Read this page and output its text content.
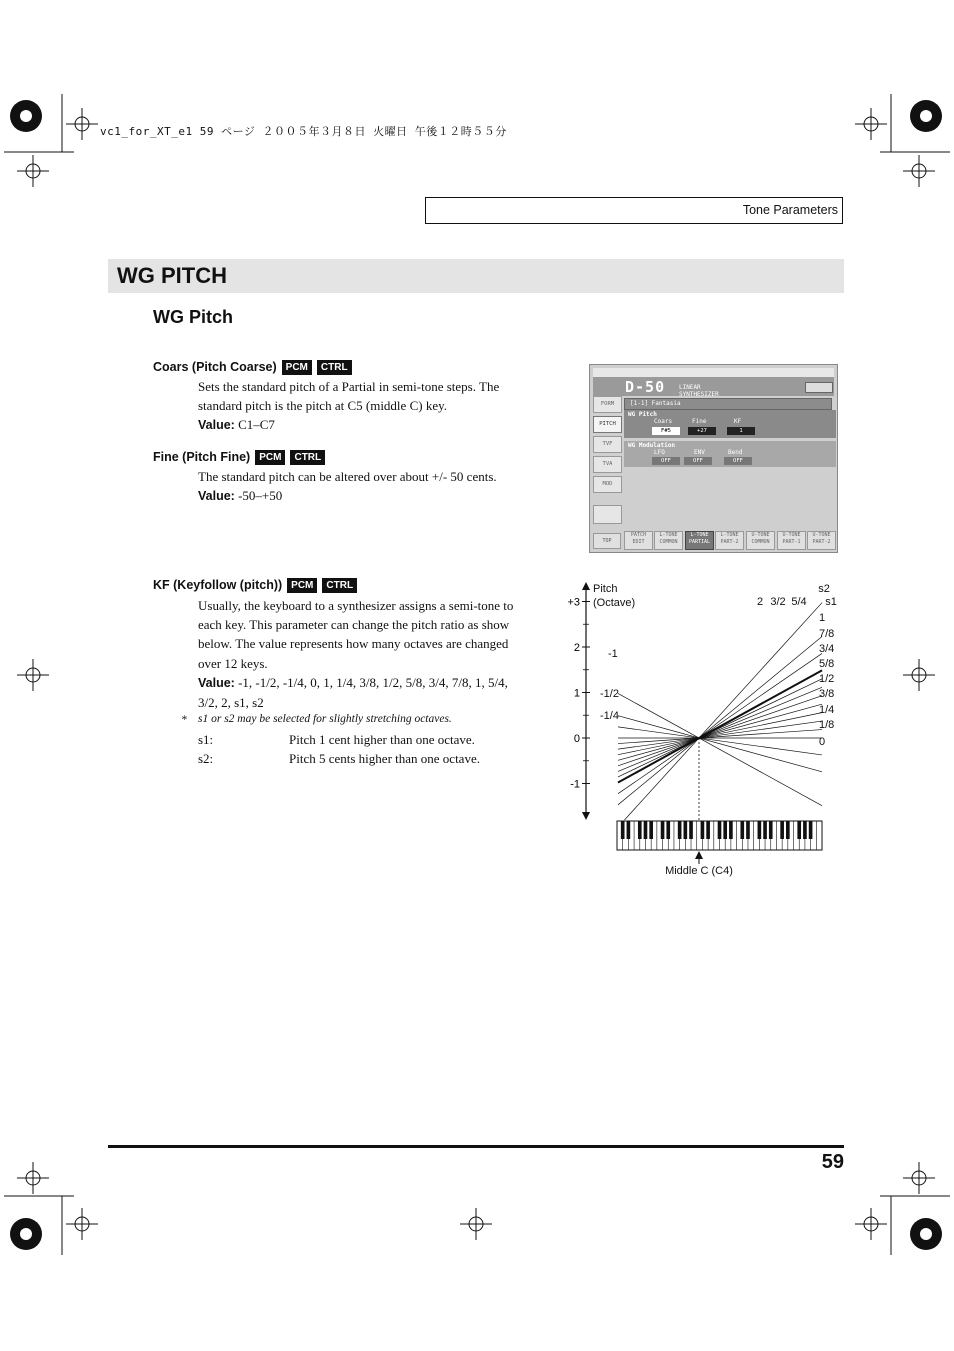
vc1_for_XT_e1 59 ページ ２００５年３月８日 火曜日 午後１２時５５分
Tone Parameters
WG PITCH
WG Pitch
Coars (Pitch Coarse) PCM CTRL
Sets the standard pitch of a Partial in semi-tone steps. The
standard pitch is the pitch at C5 (middle C) key.
Value: C1–C7
Fine (Pitch Fine) PCM CTRL
The standard pitch can be altered over about +/- 50 cents.
Value: -50–+50
KF (Keyfollow (pitch)) PCM CTRL
Usually, the keyboard to a synthesizer assigns a semi-tone to
each key. This parameter can change the pitch ratio as show
below. The value represents how many octaves are changed
over 12 keys.
Value: -1, -1/2, -1/4, 0, 1, 1/4, 3/8, 1/2, 5/8, 3/4, 7/8, 1, 5/4,
3/2, 2, s1, s2
* s1 or s2 may be selected for slightly stretching octaves.
s1:	Pitch 1 cent higher than one octave.
s2:	Pitch 5 cents higher than one octave.
D-50 LINEAR SYNTHESIZER
[1-1] Fantasia
FORM
PITCH
TVF
TVA
MOD
WG Pitch
Coars	Fine	KF
F#5	+27	1
WG Modulation
LFO	ENV	Bend
OFF	OFF	OFF
TOP
PATCH EDIT
L-TONE COMMON
L-TONE PARTIAL
L-TONE PART-2
U-TONE COMMON
U-TONE PART-1
U-TONE PART-2
+3
2
1
0
-1
Pitch
(Octave)	2 3/2 5/4
s2
s1
1
7/8
3/4
5/8
1/2
3/8
1/4
1/8
0
-1
-1/2
-1/4
Middle C (C4)
59
